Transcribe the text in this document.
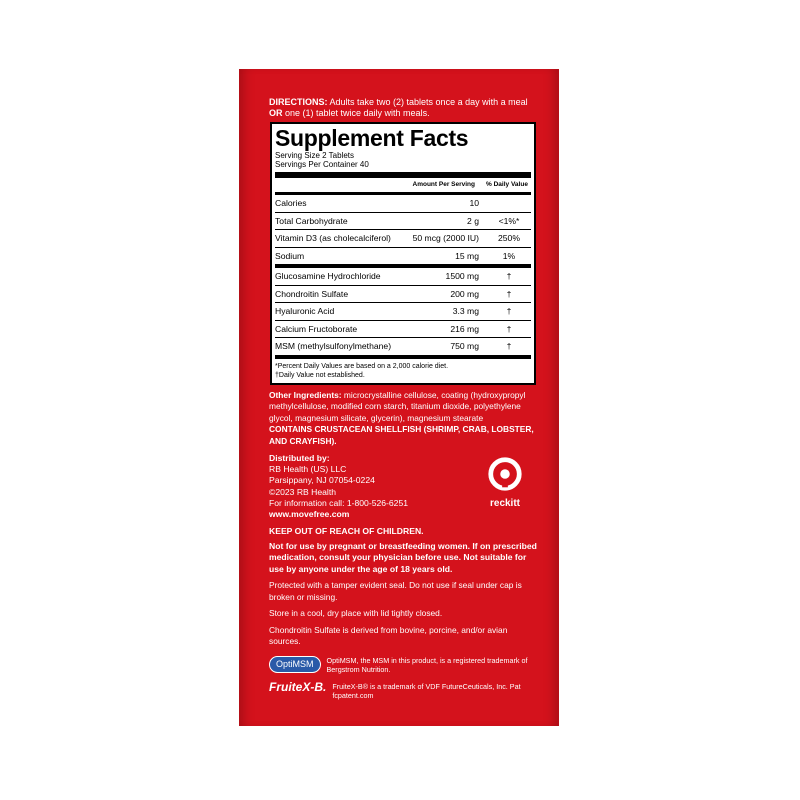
DIRECTIONS: Adults take two (2) tablets once a day with a meal OR one (1) tablet twice daily with meals.
Supplement Facts
Serving Size 2 Tablets
Servings Per Container 40
Amount Per Serving	% Daily Value
Calories	10
Total Carbohydrate	2 g	<1%*
Vitamin D3 (as cholecalciferol)	50 mcg (2000 IU)	250%
Sodium	15 mg	1%
Glucosamine Hydrochloride	1500 mg	†
Chondroitin Sulfate	200 mg	†
Hyaluronic Acid	3.3 mg	†
Calcium Fructoborate	216 mg	†
MSM (methylsulfonylmethane)	750 mg	†
*Percent Daily Values are based on a 2,000 calorie diet.
†Daily Value not established.
Other Ingredients: microcrystalline cellulose, coating (hydroxypropyl methylcellulose, modified corn starch, titanium dioxide, polyethylene glycol, magnesium silicate, glycerin), magnesium stearate
CONTAINS CRUSTACEAN SHELLFISH (SHRIMP, CRAB, LOBSTER, AND CRAYFISH).
Distributed by:
RB Health (US) LLC
Parsippany, NJ 07054-0224
©2023 RB Health
For information call: 1-800-526-6251
www.movefree.com
reckitt
KEEP OUT OF REACH OF CHILDREN.
Not for use by pregnant or breastfeeding women. If on prescribed medication, consult your physician before use. Not suitable for use by anyone under the age of 18 years old.
Protected with a tamper evident seal. Do not use if seal under cap is broken or missing.
Store in a cool, dry place with lid tightly closed.
Chondroitin Sulfate is derived from bovine, porcine, and/or avian sources.
OptiMSM	OptiMSM, the MSM in this product, is a registered trademark of Bergstrom Nutrition.
FruiteX-B. FruiteX-B® is a trademark of VDF FutureCeuticals, Inc. Pat fcpatent.com
